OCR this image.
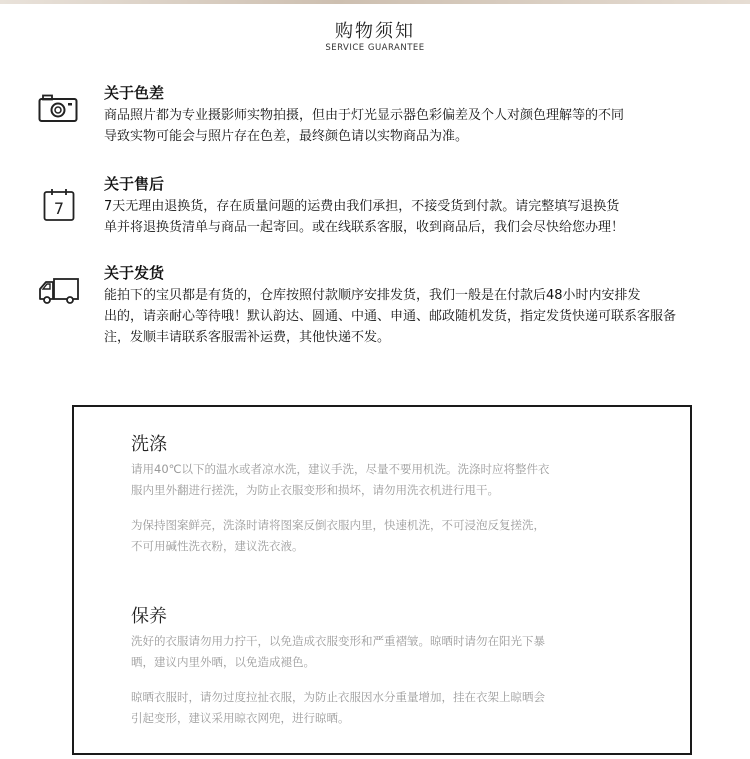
购物须知
SERVICE GUARANTEE
关于色差
商品照片都为专业摄影师实物拍摄，但由于灯光显示器色彩偏差及个人对颜色理解等的不同
导致实物可能会与照片存在色差，最终颜色请以实物商品为准。
7
关于售后
7天无理由退换货，存在质量问题的运费由我们承担，不接受货到付款。请完整填写退换货
单并将退换货清单与商品一起寄回。或在线联系客服，收到商品后，我们会尽快给您办理！
关于发货
能拍下的宝贝都是有货的，仓库按照付款顺序安排发货，我们一般是在付款后48小时内安排发
出的，请亲耐心等待哦！默认韵达、圆通、中通、申通、邮政随机发货，指定发货快递可联系客服备
注，发顺丰请联系客服需补运费，其他快递不发。
洗涤
请用40℃以下的温水或者凉水洗，建议手洗，尽量不要用机洗。洗涤时应将整件衣
服内里外翻进行搓洗，为防止衣服变形和损坏，请勿用洗衣机进行甩干。
为保持图案鲜亮，洗涤时请将图案反倒衣服内里，快速机洗，不可浸泡反复搓洗，
不可用碱性洗衣粉，建议洗衣液。
保养
洗好的衣服请勿用力拧干，以免造成衣服变形和严重褶皱。晾晒时请勿在阳光下暴
晒，建议内里外晒，以免造成褪色。
晾晒衣服时，请勿过度拉扯衣服，为防止衣服因水分重量增加，挂在衣架上晾晒会
引起变形，建议采用晾衣网兜，进行晾晒。
